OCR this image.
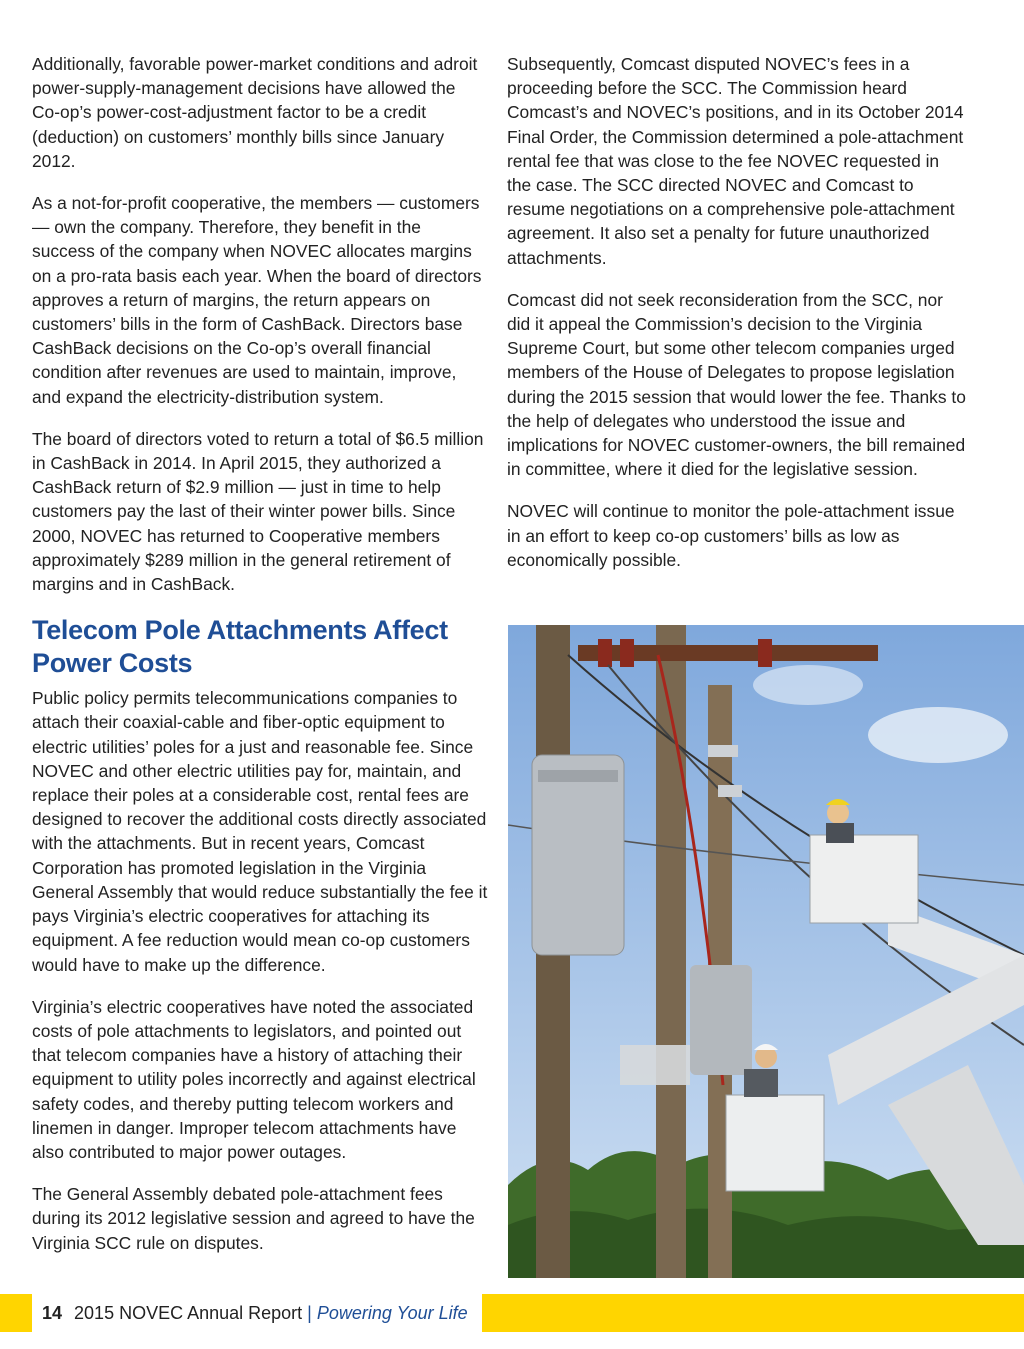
Additionally, favorable power-market conditions and adroit power-supply-management decisions have allowed the Co-op’s power-cost-adjustment factor to be a credit (deduction) on customers’ monthly bills since January 2012.

As a not-for-profit cooperative, the members — customers — own the company. Therefore, they benefit in the success of the company when NOVEC allocates margins on a pro-rata basis each year. When the board of directors approves a return of margins, the return appears on customers’ bills in the form of CashBack. Directors base CashBack decisions on the Co-op’s overall financial condition after revenues are used to maintain, improve, and expand the electricity-distribution system.

The board of directors voted to return a total of $6.5 million in CashBack in 2014. In April 2015, they authorized a CashBack return of $2.9 million — just in time to help customers pay the last of their winter power bills. Since 2000, NOVEC has returned to Cooperative members approximately $289 million in the general retirement of margins and in CashBack.

Telecom Pole Attachments Affect Power Costs

Public policy permits telecommunications companies to attach their coaxial-cable and fiber-optic equipment to electric utilities’ poles for a just and reasonable fee. Since NOVEC and other electric utilities pay for, maintain, and replace their poles at a considerable cost, rental fees are designed to recover the additional costs directly associated with the attachments. But in recent years, Comcast Corporation has promoted legislation in the Virginia General Assembly that would reduce substantially the fee it pays Virginia’s electric cooperatives for attaching its equipment. A fee reduction would mean co-op customers would have to make up the difference.

Virginia’s electric cooperatives have noted the associated costs of pole attachments to legislators, and pointed out that telecom companies have a history of attaching their equipment to utility poles incorrectly and against electrical safety codes, and thereby putting telecom workers and linemen in danger. Improper telecom attachments have also contributed to major power outages.

The General Assembly debated pole-attachment fees during its 2012 legislative session and agreed to have the Virginia SCC rule on disputes.

Subsequently, Comcast disputed NOVEC’s fees in a proceeding before the SCC. The Commission heard Comcast’s and NOVEC’s positions, and in its October 2014 Final Order, the Commission determined a pole-attachment rental fee that was close to the fee NOVEC requested in the case. The SCC directed NOVEC and Comcast to resume negotiations on a comprehensive pole-attachment agreement. It also set a penalty for future unauthorized attachments.

Comcast did not seek reconsideration from the SCC, nor did it appeal the Commission’s decision to the Virginia Supreme Court, but some other telecom companies urged members of the House of Delegates to propose legislation during the 2015 session that would lower the fee. Thanks to the help of delegates who understood the issue and implications for NOVEC customer-owners, the bill remained in committee, where it died for the legislative session.

NOVEC will continue to monitor the pole-attachment issue in an effort to keep co-op customers’ bills as low as economically possible.

14 2015 NOVEC Annual Report | Powering Your Life
